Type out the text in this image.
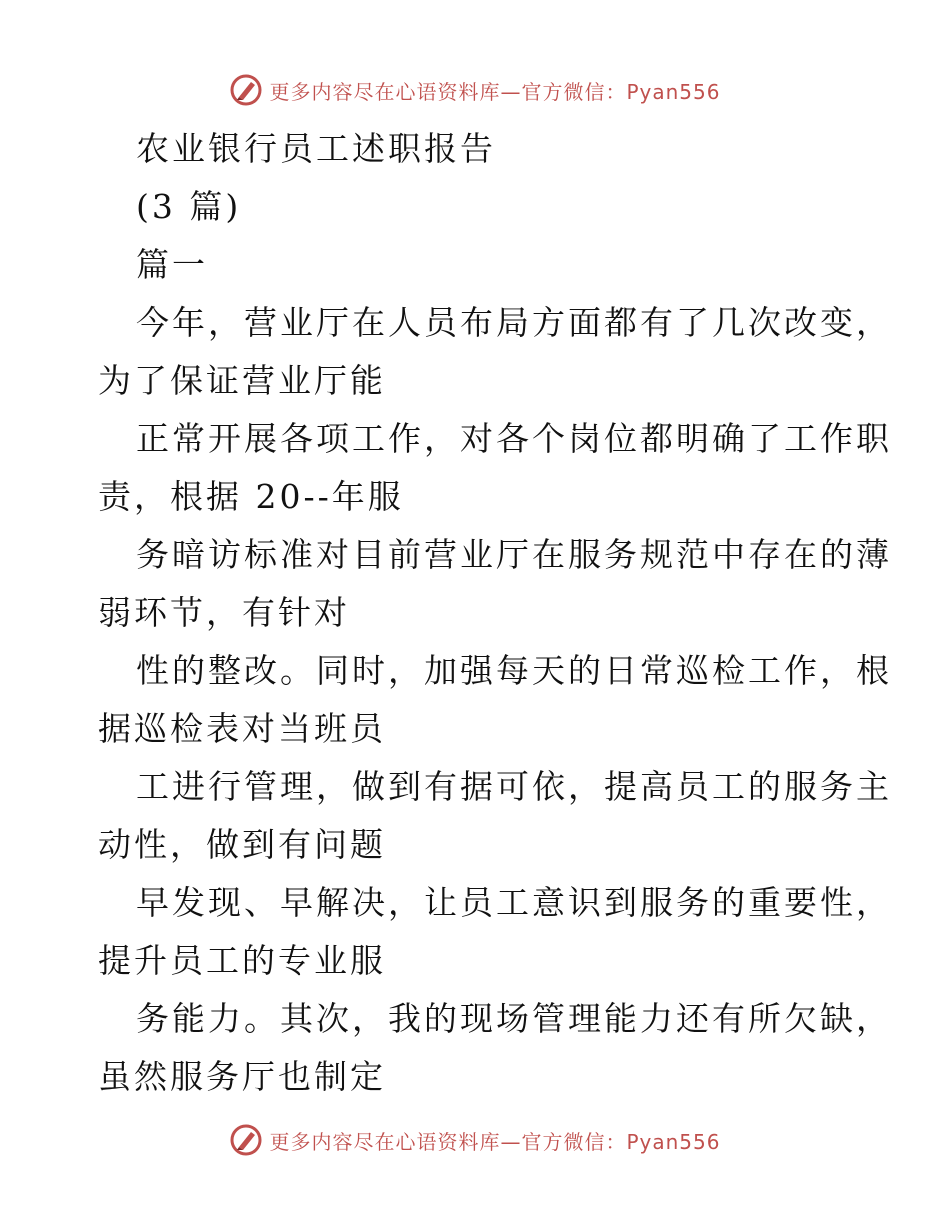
更多内容尽在心语资料库—官方微信：Pyan556

农业银行员工述职报告

(3 篇)

篇一

今年，营业厅在人员布局方面都有了几次改变，

为了保证营业厅能

正常开展各项工作，对各个岗位都明确了工作职

责，根据 20--年服

务暗访标准对目前营业厅在服务规范中存在的薄

弱环节，有针对

性的整改。同时，加强每天的日常巡检工作，根

据巡检表对当班员

工进行管理，做到有据可依，提高员工的服务主

动性，做到有问题

早发现、早解决，让员工意识到服务的重要性，

提升员工的专业服

务能力。其次，我的现场管理能力还有所欠缺，

虽然服务厅也制定

更多内容尽在心语资料库—官方微信：Pyan556
